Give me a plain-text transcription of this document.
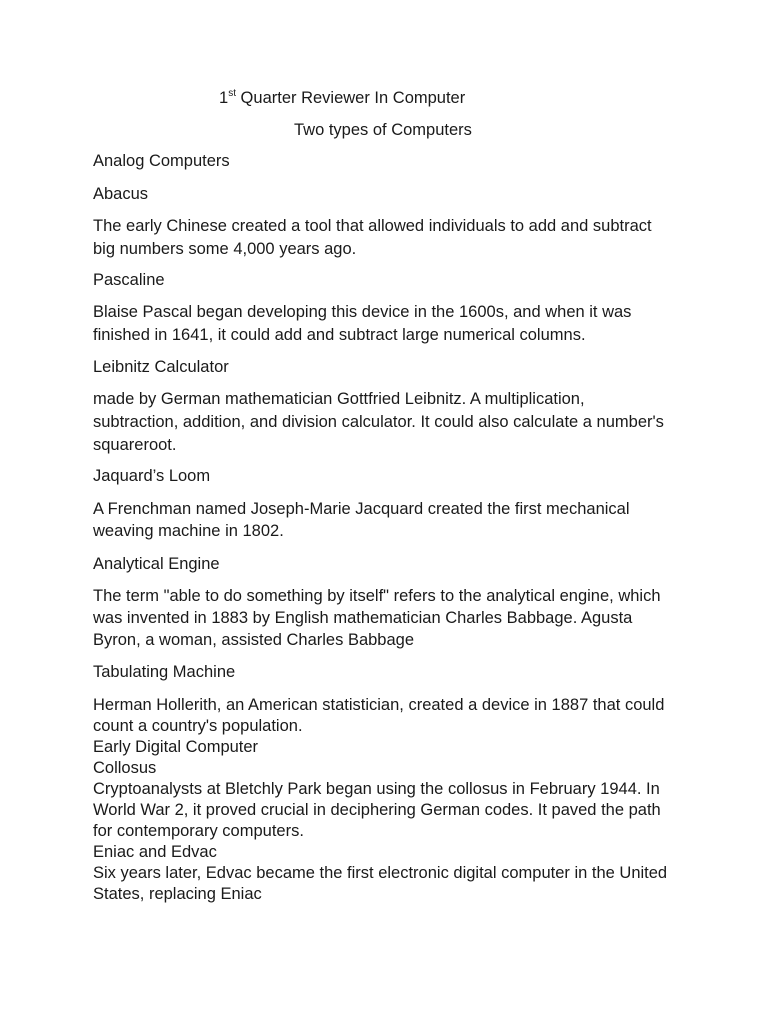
1st Quarter Reviewer In Computer
Two types of Computers
Analog Computers
Abacus
The early Chinese created a tool that allowed individuals to add and subtract
big numbers some 4,000 years ago.
Pascaline
Blaise Pascal began developing this device in the 1600s, and when it was
finished in 1641, it could add and subtract large numerical columns.
Leibnitz Calculator
made by German mathematician Gottfried Leibnitz. A multiplication,
subtraction, addition, and division calculator. It could also calculate a number's
squareroot.
Jaquard’s Loom
A Frenchman named Joseph-Marie Jacquard created the first mechanical
weaving machine in 1802.
Analytical Engine
The term "able to do something by itself" refers to the analytical engine, which
was invented in 1883 by English mathematician Charles Babbage. Agusta
Byron, a woman, assisted Charles Babbage
Tabulating Machine
Herman Hollerith, an American statistician, created a device in 1887 that could
count a country's population.
Early Digital Computer
Collosus
Cryptoanalysts at Bletchly Park began using the collosus in February 1944. In
World War 2, it proved crucial in deciphering German codes. It paved the path
for contemporary computers.
Eniac and Edvac
Six years later, Edvac became the first electronic digital computer in the United
States, replacing Eniac
